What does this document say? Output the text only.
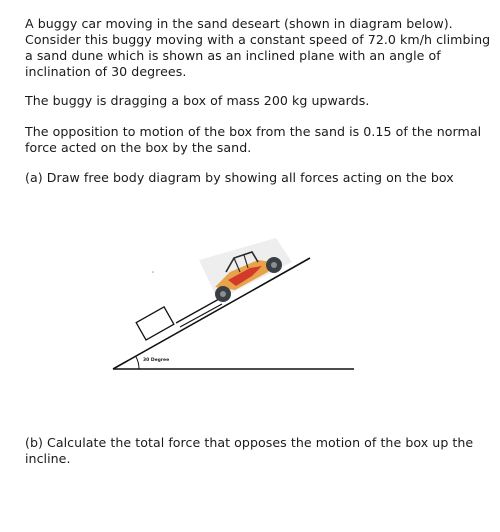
A buggy car moving in the sand deseart (shown in diagram below). Consider this buggy moving with a constant speed of 72.0 km/h climbing a sand dune which is shown as an inclined plane with an angle of inclination of 30 degrees.

The buggy is dragging a box of mass 200 kg upwards.

The opposition to motion of the box from the sand is 0.15 of the normal force acted on the box by the sand.

(a) Draw free body diagram by showing all forces acting on the box

(b) Calculate the total force that opposes the motion of the box up the incline.

30 Degree
